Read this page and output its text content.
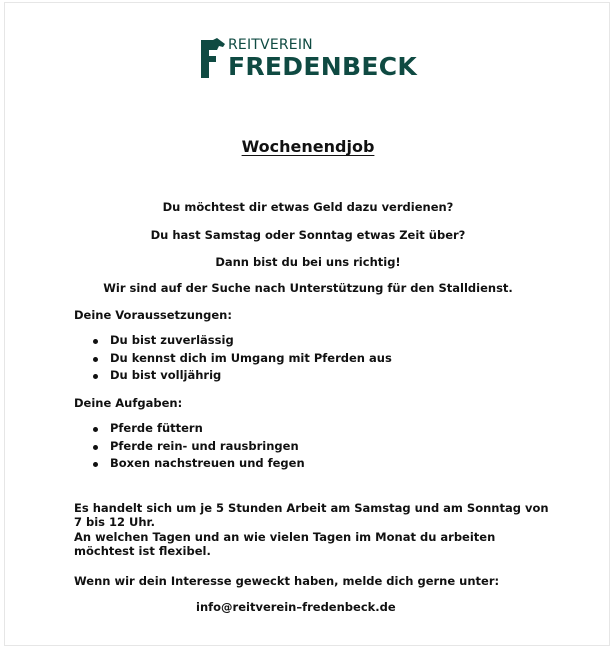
REITVEREIN
FREDENBECK
Wochenendjob

Du möchtest dir etwas Geld dazu verdienen?

Du hast Samstag oder Sonntag etwas Zeit über?

Dann bist du bei uns richtig!

Wir sind auf der Suche nach Unterstützung für den Stalldienst.

Deine Voraussetzungen:

Du bist zuverlässig
Du kennst dich im Umgang mit Pferden aus
Du bist volljährig

Deine Aufgaben:

Pferde füttern
Pferde rein- und rausbringen
Boxen nachstreuen und fegen

Es handelt sich um je 5 Stunden Arbeit am Samstag und am Sonntag von 7 bis 12 Uhr.

An welchen Tagen und an wie vielen Tagen im Monat du arbeiten möchtest ist flexibel.

Wenn wir dein Interesse geweckt haben, melde dich gerne unter:

info@reitverein–fredenbeck.de
